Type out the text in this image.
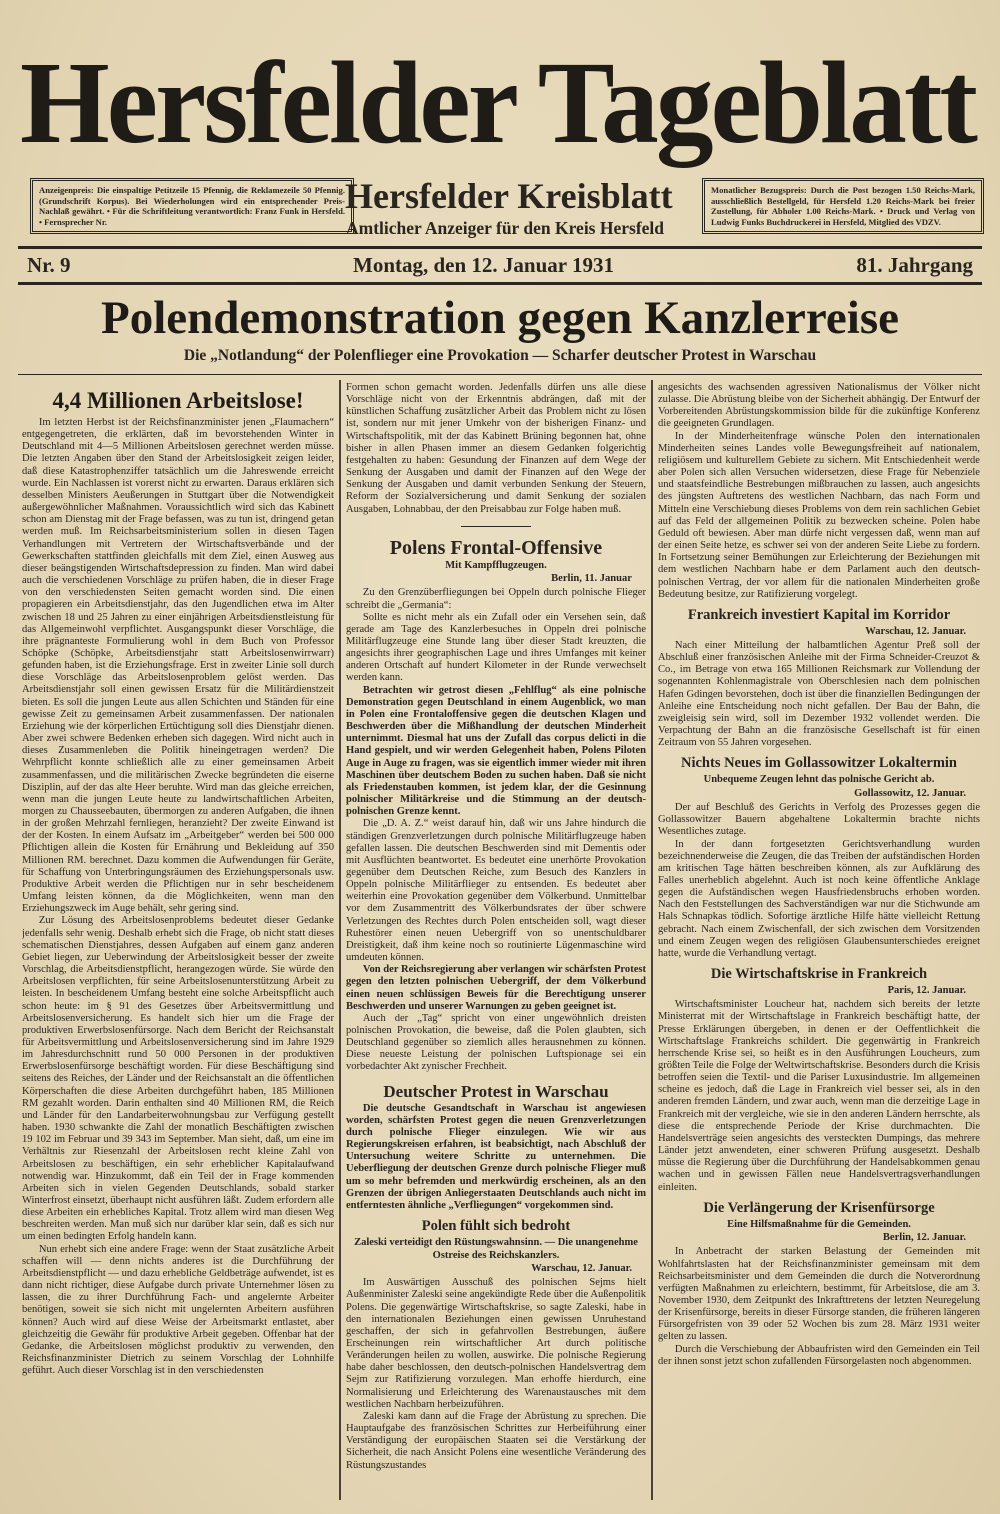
Hersfelder Tageblatt
Anzeigenpreis: Die einspaltige Petitzeile 15 Pfennig, die Reklamezeile 50 Pfennig. (Grundschrift Korpus). Bei Wiederholungen wird ein entsprechender Preis-Nachlaß gewährt. • Für die Schriftleitung verantwortlich: Franz Funk in Hersfeld. • Fernsprecher Nr.
Hersfelder Kreisblatt
Amtlicher Anzeiger für den Kreis Hersfeld
Monatlicher Bezugspreis: Durch die Post bezogen 1.50 Reichs-Mark, ausschließlich Bestellgeld, für Hersfeld 1.20 Reichs-Mark bei freier Zustellung, für Abholer 1.00 Reichs-Mark. • Druck und Verlag von Ludwig Funks Buchdruckerei in Hersfeld, Mitglied des VDZV.
Nr. 9	Montag, den 12. Januar 1931	81. Jahrgang
Polendemonstration gegen Kanzlerreise
Die „Notlandung“ der Polenflieger eine Provokation — Scharfer deutscher Protest in Warschau
4,4 Millionen Arbeitslose!

Im letzten Herbst ist der Reichsfinanzminister jenen „Flaumachern“ entgegengetreten, die erklärten, daß im bevorstehenden Winter in Deutschland mit 4—5 Millionen Arbeitslosen gerechnet werden müsse. Die letzten Angaben über den Stand der Arbeitslosigkeit zeigen leider, daß diese Katastrophenziffer tatsächlich um die Jahreswende erreicht wurde. Ein Nachlassen ist vorerst nicht zu erwarten. Daraus erklären sich desselben Ministers Aeußerungen in Stuttgart über die Notwendigkeit außergewöhnlicher Maßnahmen. Voraussichtlich wird sich das Kabinett schon am Dienstag mit der Frage befassen, was zu tun ist, dringend getan werden muß. Im Reichsarbeitsministerium sollen in diesen Tagen Verhandlungen mit Vertretern der Wirtschaftsverbände und der Gewerkschaften stattfinden gleichfalls mit dem Ziel, einen Ausweg aus dieser beängstigenden Wirtschaftsdepression zu finden. Man wird dabei auch die verschiedenen Vorschläge zu prüfen haben, die in dieser Frage von den verschiedensten Seiten gemacht worden sind. Die einen propagieren ein Arbeitsdienstjahr, das den Jugendlichen etwa im Alter zwischen 18 und 25 Jahren zu einer einjährigen Arbeitsdienstleistung für das Allgemeinwohl verpflichtet. Ausgangspunkt dieser Vorschläge, die ihre prägnanteste Formulierung wohl in dem Buch von Professor Schöpke (Schöpke, Arbeitsdienstjahr statt Arbeitslosenwirrwarr) gefunden haben, ist die Erziehungsfrage. Erst in zweiter Linie soll durch diese Vorschläge das Arbeitslosenproblem gelöst werden. Das Arbeitsdienstjahr soll einen gewissen Ersatz für die Militärdienstzeit bieten. Es soll die jungen Leute aus allen Schichten und Ständen für eine gewisse Zeit zu gemeinsamen Arbeit zusammenfassen. Der nationalen Erziehung wie der körperlichen Ertüchtigung soll dies Dienstjahr dienen. Aber zwei schwere Bedenken erheben sich dagegen. Wird nicht auch in dieses Zusammenleben die Politik hineingetragen werden? Die Wehrpflicht konnte schließlich alle zu einer gemeinsamen Arbeit zusammenfassen, und die militärischen Zwecke begründeten die eiserne Disziplin, auf der das alte Heer beruhte. Wird man das gleiche erreichen, wenn man die jungen Leute heute zu landwirtschaftlichen Arbeiten, morgen zu Chausseebauten, übermorgen zu anderen Aufgaben, die ihnen in der großen Mehrzahl fernliegen, heranzieht? Der zweite Einwand ist der der Kosten. In einem Aufsatz im „Arbeitgeber“ werden bei 500 000 Pflichtigen allein die Kosten für Ernährung und Bekleidung auf 350 Millionen RM. berechnet. Dazu kommen die Aufwendungen für Geräte, für Schaffung von Unterbringungsräumen des Erziehungspersonals usw. Produktive Arbeit werden die Pflichtigen nur in sehr bescheidenem Umfang leisten können, da die Möglichkeiten, wenn man den Erziehungszweck im Auge behält, sehr gering sind.

Zur Lösung des Arbeitslosenproblems bedeutet dieser Gedanke jedenfalls sehr wenig. Deshalb erhebt sich die Frage, ob nicht statt dieses schematischen Dienstjahres, dessen Aufgaben auf einem ganz anderen Gebiet liegen, zur Ueberwindung der Arbeitslosigkeit besser der zweite Vorschlag, die Arbeitsdienstpflicht, herangezogen würde. Sie würde den Arbeitslosen verpflichten, für seine Arbeitslosenunterstützung Arbeit zu leisten. In bescheidenem Umfang besteht eine solche Arbeitspflicht auch schon heute: im § 91 des Gesetzes über Arbeitsvermittlung und Arbeitslosenversicherung. Es handelt sich hier um die Frage der produktiven Erwerbslosenfürsorge. Nach dem Bericht der Reichsanstalt für Arbeitsvermittlung und Arbeitslosenversicherung sind im Jahre 1929 im Jahresdurchschnitt rund 50 000 Personen in der produktiven Erwerbslosenfürsorge beschäftigt worden. Für diese Beschäftigung sind seitens des Reiches, der Länder und der Reichsanstalt an die öffentlichen Körperschaften die diese Arbeiten durchgeführt haben, 185 Millionen RM gezahlt worden. Darin enthalten sind 40 Millionen RM, die Reich und Länder für den Landarbeiterwohnungsbau zur Verfügung gestellt haben. 1930 schwankte die Zahl der monatlich Beschäftigten zwischen 19 102 im Februar und 39 343 im September. Man sieht, daß, um eine im Verhältnis zur Riesenzahl der Arbeitslosen recht kleine Zahl von Arbeitslosen zu beschäftigen, ein sehr erheblicher Kapitalaufwand notwendig war. Hinzukommt, daß ein Teil der in Frage kommenden Arbeiten sich in vielen Gegenden Deutschlands, sobald starker Winterfrost einsetzt, überhaupt nicht ausführen läßt. Zudem erfordern alle diese Arbeiten ein erhebliches Kapital. Trotz allem wird man diesen Weg beschreiten werden. Man muß sich nur darüber klar sein, daß es sich nur um einen bedingten Erfolg handeln kann.

Nun erhebt sich eine andere Frage: wenn der Staat zusätzliche Arbeit schaffen will — denn nichts anderes ist die Durchführung der Arbeitsdienstpflicht — und dazu erhebliche Geldbeträge aufwendet, ist es dann nicht richtiger, diese Aufgabe durch private Unternehmer lösen zu lassen, die zu ihrer Durchführung Fach- und angelernte Arbeiter benötigen, soweit sie sich nicht mit ungelernten Arbeitern ausführen können? Auch wird auf diese Weise der Arbeitsmarkt entlastet, aber gleichzeitig die Gewähr für produktive Arbeit gegeben. Offenbar hat der Gedanke, die Arbeitslosen möglichst produktiv zu verwenden, den Reichsfinanzminister Dietrich zu seinem Vorschlag der Lohnhilfe geführt. Auch dieser Vorschlag ist in den verschiedensten

Formen schon gemacht worden. Jedenfalls dürfen uns alle diese Vorschläge nicht von der Erkenntnis abdrängen, daß mit der künstlichen Schaffung zusätzlicher Arbeit das Problem nicht zu lösen ist, sondern nur mit jener Umkehr von der bisherigen Finanz- und Wirtschaftspolitik, mit der das Kabinett Brüning begonnen hat, ohne bisher in allen Phasen immer an diesem Gedanken folgerichtig festgehalten zu haben: Gesundung der Finanzen auf dem Wege der Senkung der Ausgaben und damit der Finanzen auf den Wege der Senkung der Ausgaben und damit verbunden Senkung der Steuern, Reform der Sozialversicherung und damit Senkung der sozialen Ausgaben, Lohnabbau, der den Preisabbau zur Folge haben muß.

Polens Frontal-Offensive
Mit Kampfflugzeugen.
Berlin, 11. Januar

Zu den Grenzüberfliegungen bei Oppeln durch polnische Flieger schreibt die „Germania“:

Sollte es nicht mehr als ein Zufall oder ein Versehen sein, daß gerade am Tage des Kanzlerbesuches in Oppeln drei polnische Militärflugzeuge eine Stunde lang über dieser Stadt kreuzten, die angesichts ihrer geographischen Lage und ihres Umfanges mit keiner anderen Ortschaft auf hundert Kilometer in der Runde verwechselt werden kann.

Betrachten wir getrost diesen „Fehlflug“ als eine polnische Demonstration gegen Deutschland in einem Augenblick, wo man in Polen eine Frontaloffensive gegen die deutschen Klagen und Beschwerden über die Mißhandlung der deutschen Minderheit unternimmt. Diesmal hat uns der Zufall das corpus delicti in die Hand gespielt, und wir werden Gelegenheit haben, Polens Piloten Auge in Auge zu fragen, was sie eigentlich immer wieder mit ihren Maschinen über deutschem Boden zu suchen haben. Daß sie nicht als Friedenstauben kommen, ist jedem klar, der die Gesinnung polnischer Militärkreise und die Stimmung an der deutsch-polnischen Grenze kennt.

Die „D. A. Z.“ weist darauf hin, daß wir uns Jahre hindurch die ständigen Grenzverletzungen durch polnische Militärflugzeuge haben gefallen lassen. Die deutschen Beschwerden sind mit Dementis oder mit Ausflüchten beantwortet. Es bedeutet eine unerhörte Provokation gegenüber dem Deutschen Reiche, zum Besuch des Kanzlers in Oppeln polnische Militärflieger zu entsenden. Es bedeutet aber weiterhin eine Provokation gegenüber dem Völkerbund. Unmittelbar vor dem Zusammentritt des Völkerbundsrates der über schwere Verletzungen des Rechtes durch Polen entscheiden soll, wagt dieser Ruhestörer einen neuen Uebergriff von so unentschuldbarer Dreistigkeit, daß ihm keine noch so routinierte Lügenmaschine wird umdeuten können.

Von der Reichsregierung aber verlangen wir schärfsten Protest gegen den letzten polnischen Uebergriff, der dem Völkerbund einen neuen schlüssigen Beweis für die Berechtigung unserer Beschwerden und unserer Warnungen zu geben geeignet ist.

Auch der „Tag“ spricht von einer ungewöhnlich dreisten polnischen Provokation, die beweise, daß die Polen glaubten, sich Deutschland gegenüber so ziemlich alles herausnehmen zu können. Diese neueste Leistung der polnischen Luftspionage sei ein vorbedachter Akt zynischer Frechheit.

Deutscher Protest in Warschau

Die deutsche Gesandtschaft in Warschau ist angewiesen worden, schärfsten Protest gegen die neuen Grenzverletzungen durch polnische Flieger einzulegen. Wie wir aus Regierungskreisen erfahren, ist beabsichtigt, nach Abschluß der Untersuchung weitere Schritte zu unternehmen. Die Ueberfliegung der deutschen Grenze durch polnische Flieger muß um so mehr befremden und merkwürdig erscheinen, als an den Grenzen der übrigen Anliegerstaaten Deutschlands auch nicht im entferntesten ähnliche „Verfliegungen“ vorgekommen sind.

Polen fühlt sich bedroht
Zaleski verteidigt den Rüstungswahnsinn. — Die unangenehme Ostreise des Reichskanzlers.
Warschau, 12. Januar.

Im Auswärtigen Ausschuß des polnischen Sejms hielt Außenminister Zaleski seine angekündigte Rede über die Außenpolitik Polens. Die gegenwärtige Wirtschaftskrise, so sagte Zaleski, habe in den internationalen Beziehungen einen gewissen Unruhestand geschaffen, der sich in gefahrvollen Bestrebungen, äußere Erscheinungen rein wirtschaftlicher Art durch politische Veränderungen heilen zu wollen, auswirke. Die polnische Regierung habe daher beschlossen, den deutsch-polnischen Handelsvertrag dem Sejm zur Ratifizierung vorzulegen. Man erhoffe hierdurch, eine Normalisierung und Erleichterung des Warenaustausches mit dem westlichen Nachbarn herbeizuführen.

Zaleski kam dann auf die Frage der Abrüstung zu sprechen. Die Hauptaufgabe des französischen Schrittes zur Herbeiführung einer Verständigung der europäischen Staaten sei die Verstärkung der Sicherheit, die nach Ansicht Polens eine wesentliche Veränderung des Rüstungszustandes

angesichts des wachsenden agressiven Nationalismus der Völker nicht zulasse. Die Abrüstung bleibe von der Sicherheit abhängig. Der Entwurf der Vorbereitenden Abrüstungskommission bilde für die zukünftige Konferenz die geeigneten Grundlagen.

In der Minderheitenfrage wünsche Polen den internationalen Minderheiten seines Landes volle Bewegungsfreiheit auf nationalem, religiösem und kulturellem Gebiete zu sichern. Mit Entschiedenheit werde aber Polen sich allen Versuchen widersetzen, diese Frage für Nebenziele und staatsfeindliche Bestrebungen mißbrauchen zu lassen, auch angesichts des jüngsten Auftretens des westlichen Nachbarn, das nach Form und Mitteln eine Verschiebung dieses Problems von dem rein sachlichen Gebiet auf das Feld der allgemeinen Politik zu bezwecken scheine. Polen habe Geduld oft bewiesen. Aber man dürfe nicht vergessen daß, wenn man auf der einen Seite hetze, es schwer sei von der anderen Seite Liebe zu fordern. In Fortsetzung seiner Bemühungen zur Erleichterung der Beziehungen mit dem westlichen Nachbarn habe er dem Parlament auch den deutsch-polnischen Vertrag, der vor allem für die nationalen Minderheiten große Bedeutung besitze, zur Ratifizierung vorgelegt.

Frankreich investiert Kapital im Korridor
Warschau, 12. Januar.

Nach einer Mitteilung der halbamtlichen Agentur Preß soll der Abschluß einer französischen Anleihe mit der Firma Schneider-Creuzot & Co., im Betrage von etwa 165 Millionen Reichsmark zur Vollendung der sogenannten Kohlenmagistrale von Oberschlesien nach dem polnischen Hafen Gdingen bevorstehen, doch ist über die finanziellen Bedingungen der Anleihe eine Entscheidung noch nicht gefallen. Der Bau der Bahn, die zweigleisig sein wird, soll im Dezember 1932 vollendet werden. Die Verpachtung der Bahn an die französische Gesellschaft ist für einen Zeitraum von 55 Jahren vorgesehen.

Nichts Neues im Gollassowitzer Lokaltermin
Unbequeme Zeugen lehnt das polnische Gericht ab.
Gollassowitz, 12. Januar.

Der auf Beschluß des Gerichts in Verfolg des Prozesses gegen die Gollassowitzer Bauern abgehaltene Lokaltermin brachte nichts Wesentliches zutage.

In der dann fortgesetzten Gerichtsverhandlung wurden bezeichnenderweise die Zeugen, die das Treiben der aufständischen Horden am kritischen Tage hätten beschreiben können, als zur Aufklärung des Falles unerheblich abgelehnt. Auch ist noch keine öffentliche Anklage gegen die Aufständischen wegen Hausfriedensbruchs erhoben worden. Nach den Feststellungen des Sachverständigen war nur die Stichwunde am Hals Schnapkas tödlich. Sofortige ärztliche Hilfe hätte vielleicht Rettung gebracht. Nach einem Zwischenfall, der sich zwischen dem Vorsitzenden und einem Zeugen wegen des religiösen Glaubensunterschiedes ereignet hatte, wurde die Verhandlung vertagt.

Die Wirtschaftskrise in Frankreich
Paris, 12. Januar.

Wirtschaftsminister Loucheur hat, nachdem sich bereits der letzte Ministerrat mit der Wirtschaftslage in Frankreich beschäftigt hatte, der Presse Erklärungen übergeben, in denen er der Oeffentlichkeit die Wirtschaftslage Frankreichs schildert. Die gegenwärtig in Frankreich herrschende Krise sei, so heißt es in den Ausführungen Loucheurs, zum größten Teile die Folge der Weltwirtschaftskrise. Besonders durch die Krisis betroffen seien die Textil- und die Pariser Luxusindustrie. Im allgemeinen scheine es jedoch, daß die Lage in Frankreich viel besser sei, als in den anderen fremden Ländern, und zwar auch, wenn man die derzeitige Lage in Frankreich mit der vergleiche, wie sie in den anderen Ländern herrschte, als diese die entsprechende Periode der Krise durchmachten. Die Handelsverträge seien angesichts des versteckten Dumpings, das mehrere Länder jetzt anwendeten, einer schweren Prüfung ausgesetzt. Deshalb müsse die Regierung über die Durchführung der Handelsabkommen genau wachen und in gewissen Fällen neue Handelsvertragsverhandlungen einleiten.

Die Verlängerung der Krisenfürsorge
Eine Hilfsmaßnahme für die Gemeinden.
Berlin, 12. Januar.

In Anbetracht der starken Belastung der Gemeinden mit Wohlfahrtslasten hat der Reichsfinanzminister gemeinsam mit dem Reichsarbeitsminister und dem Gemeinden die durch die Notverordnung verfügten Maßnahmen zu erleichtern, bestimmt, für Arbeitslose, die am 3. November 1930, dem Zeitpunkt des Inkrafttretens der letzten Neuregelung der Krisenfürsorge, bereits in dieser Fürsorge standen, die früheren längeren Fürsorgefristen von 39 oder 52 Wochen bis zum 28. März 1931 weiter gelten zu lassen.

Durch die Verschiebung der Abbaufristen wird den Gemeinden ein Teil der ihnen sonst jetzt schon zufallenden Fürsorgelasten noch abgenommen.
